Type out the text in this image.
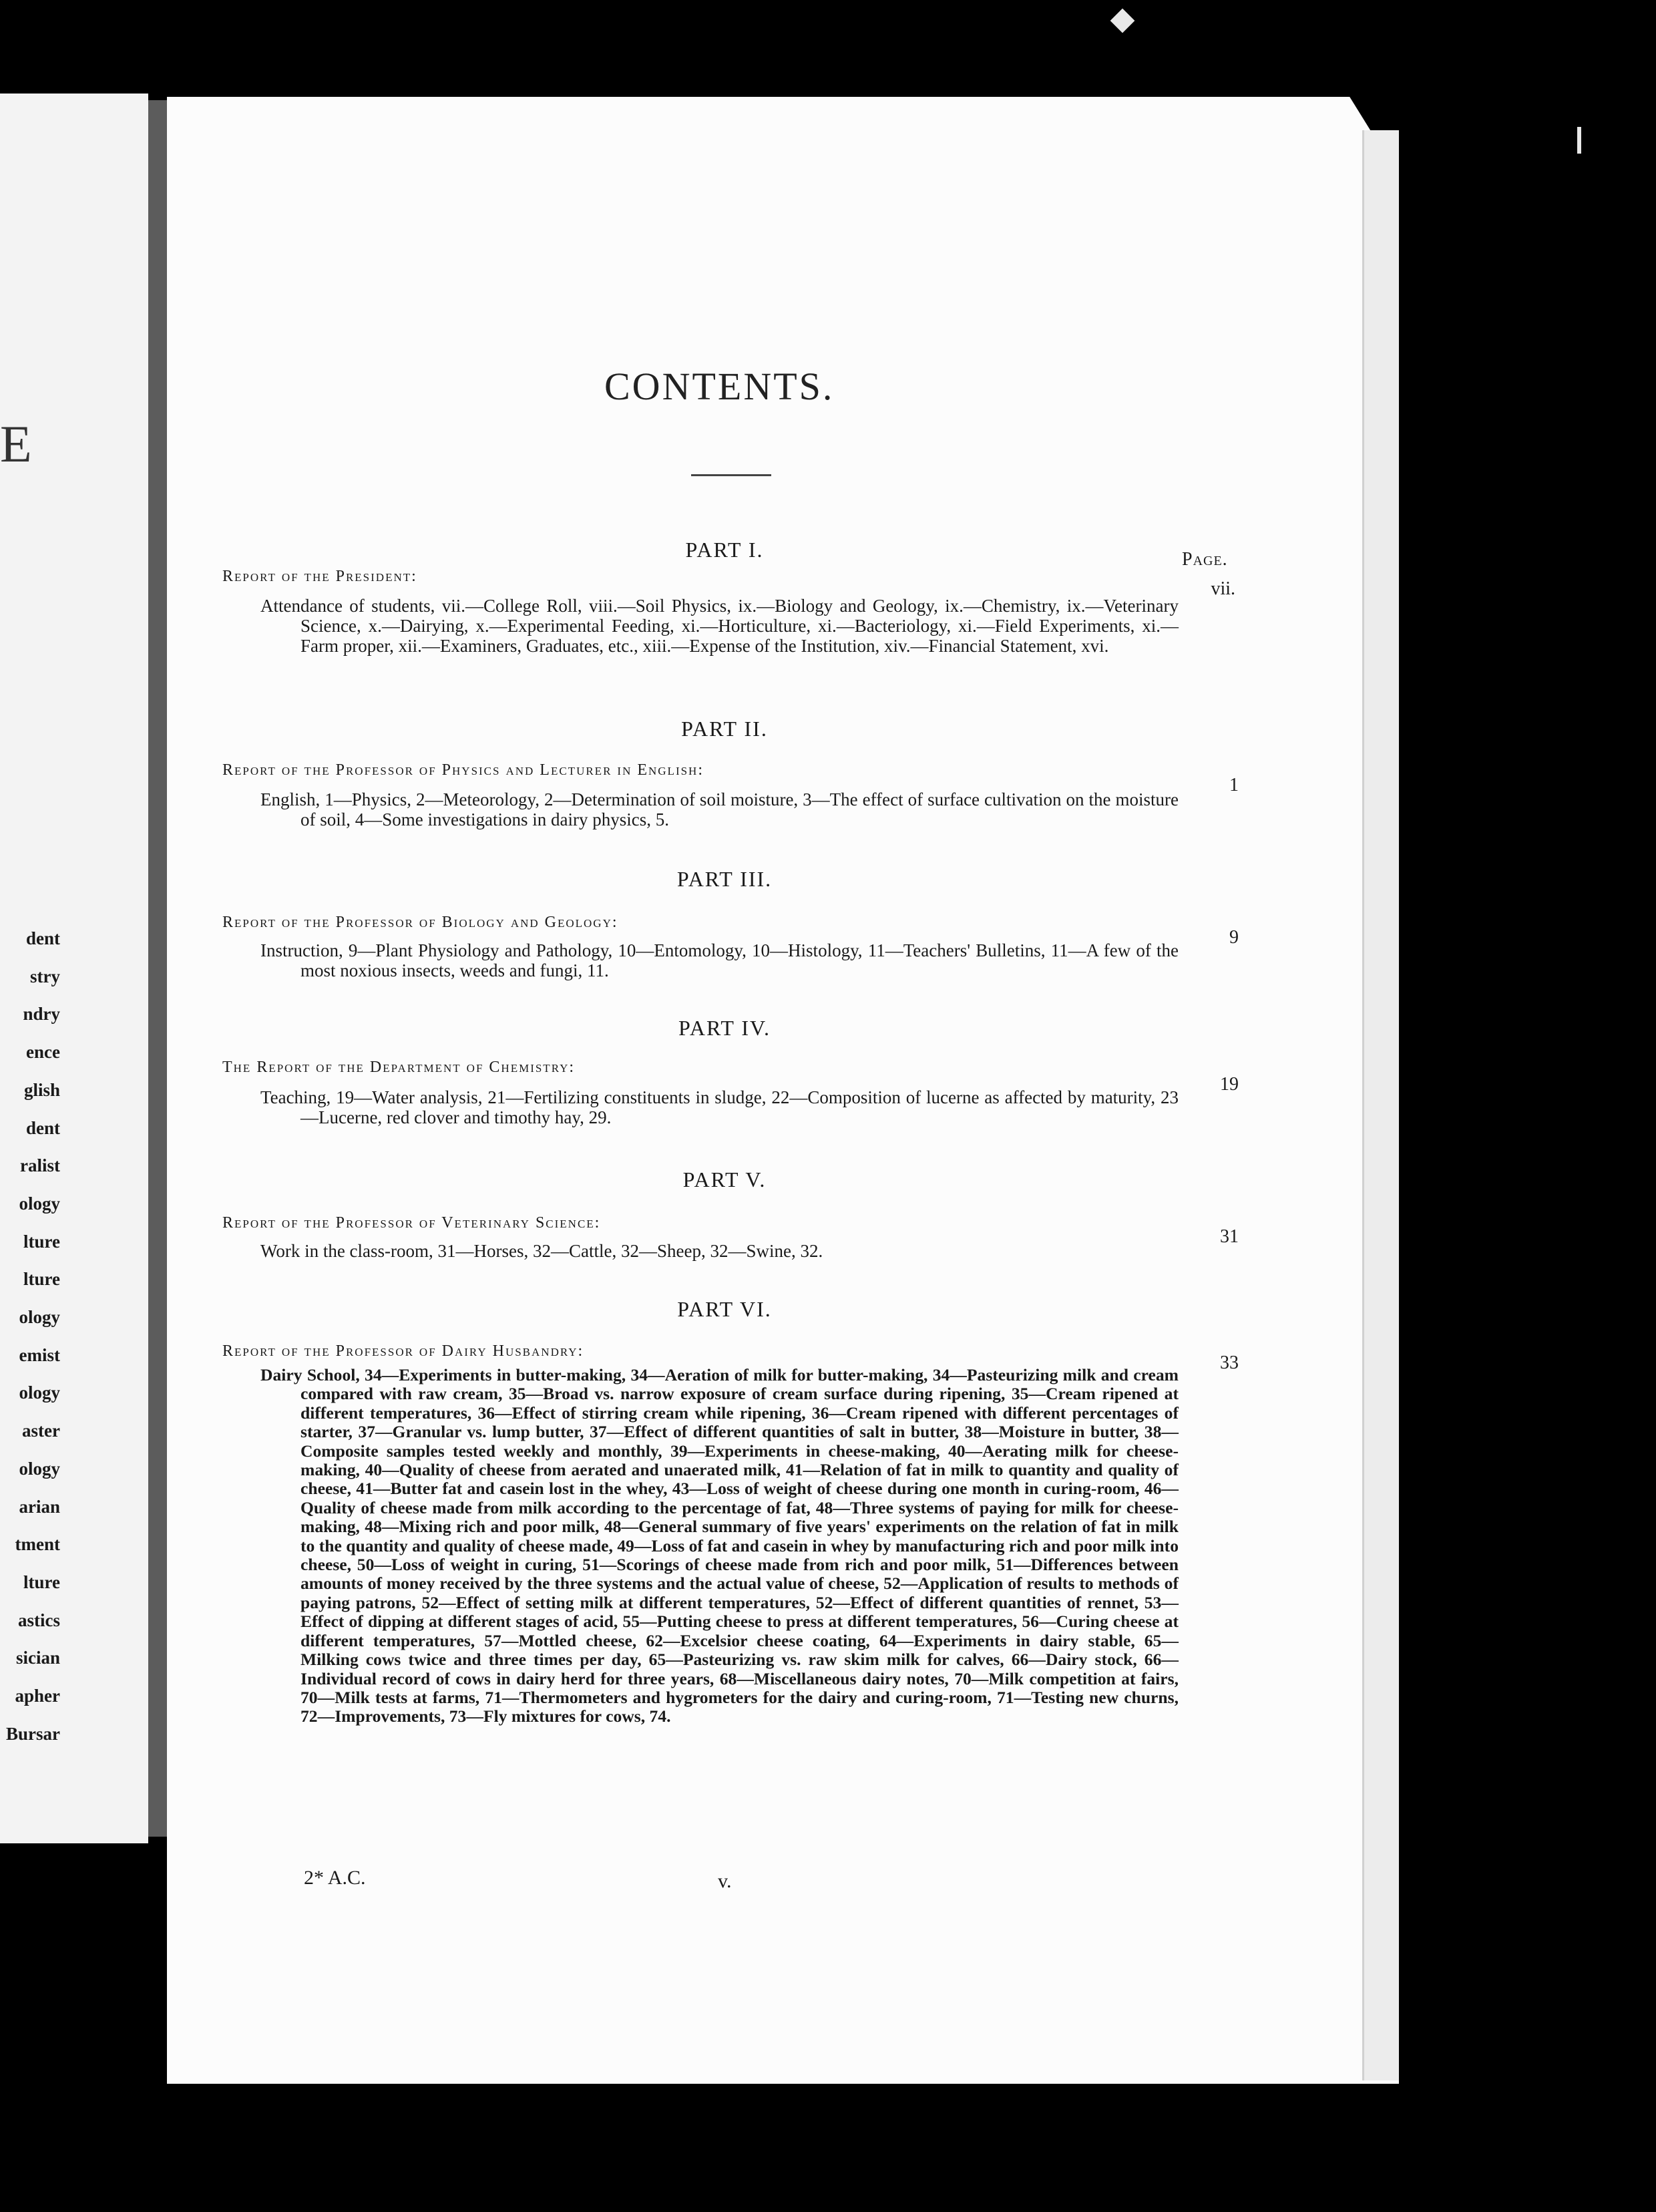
E
dent
stry
ndry
ence
glish
dent
ralist
ology
lture
lture
ology
emist
ology
aster
ology
arian
tment
lture
astics
sician
apher
Bursar
CONTENTS.
Page.
PART I.
Report of the President:
vii.
Attendance of students, vii.—College Roll, viii.—Soil Physics, ix.—Biology and Geology, ix.—Chemistry, ix.—Veterinary Science, x.—Dairying, x.—Experimental Feeding, xi.—Horticulture, xi.—Bacteriology, xi.—Field Experiments, xi.—Farm proper, xii.—Examiners, Graduates, etc., xiii.—Expense of the Institution, xiv.—Financial Statement, xvi.
PART II.
Report of the Professor of Physics and Lecturer in English:
1
English, 1—Physics, 2—Meteorology, 2—Determination of soil moisture, 3—The effect of surface cultivation on the moisture of soil, 4—Some investigations in dairy physics, 5.
PART III.
Report of the Professor of Biology and Geology:
9
Instruction, 9—Plant Physiology and Pathology, 10—Entomology, 10—Histology, 11—Teachers' Bulletins, 11—A few of the most noxious insects, weeds and fungi, 11.
PART IV.
The Report of the Department of Chemistry:
19
Teaching, 19—Water analysis, 21—Fertilizing constituents in sludge, 22—Composition of lucerne as affected by maturity, 23—Lucerne, red clover and timothy hay, 29.
PART V.
Report of the Professor of Veterinary Science:
31
Work in the class-room, 31—Horses, 32—Cattle, 32—Sheep, 32—Swine, 32.
PART VI.
Report of the Professor of Dairy Husbandry:
33
Dairy School, 34—Experiments in butter-making, 34—Aeration of milk for butter-making, 34—Pasteurizing milk and cream compared with raw cream, 35—Broad vs. narrow exposure of cream surface during ripening, 35—Cream ripened at different temperatures, 36—Effect of stirring cream while ripening, 36—Cream ripened with different percentages of starter, 37—Granular vs. lump butter, 37—Effect of different quantities of salt in butter, 38—Moisture in butter, 38—Composite samples tested weekly and monthly, 39—Experiments in cheese-making, 40—Aerating milk for cheese-making, 40—Quality of cheese from aerated and unaerated milk, 41—Relation of fat in milk to quantity and quality of cheese, 41—Butter fat and casein lost in the whey, 43—Loss of weight of cheese during one month in curing-room, 46—Quality of cheese made from milk according to the percentage of fat, 48—Three systems of paying for milk for cheese-making, 48—Mixing rich and poor milk, 48—General summary of five years' experiments on the relation of fat in milk to the quantity and quality of cheese made, 49—Loss of fat and casein in whey by manufacturing rich and poor milk into cheese, 50—Loss of weight in curing, 51—Scorings of cheese made from rich and poor milk, 51—Differences between amounts of money received by the three systems and the actual value of cheese, 52—Application of results to methods of paying patrons, 52—Effect of setting milk at different temperatures, 52—Effect of different quantities of rennet, 53—Effect of dipping at different stages of acid, 55—Putting cheese to press at different temperatures, 56—Curing cheese at different temperatures, 57—Mottled cheese, 62—Excelsior cheese coating, 64—Experiments in dairy stable, 65—Milking cows twice and three times per day, 65—Pasteurizing vs. raw skim milk for calves, 66—Dairy stock, 66—Individual record of cows in dairy herd for three years, 68—Miscellaneous dairy notes, 70—Milk competition at fairs, 70—Milk tests at farms, 71—Thermometers and hygrometers for the dairy and curing-room, 71—Testing new churns, 72—Improvements, 73—Fly mixtures for cows, 74.
2* A.C.	v.
